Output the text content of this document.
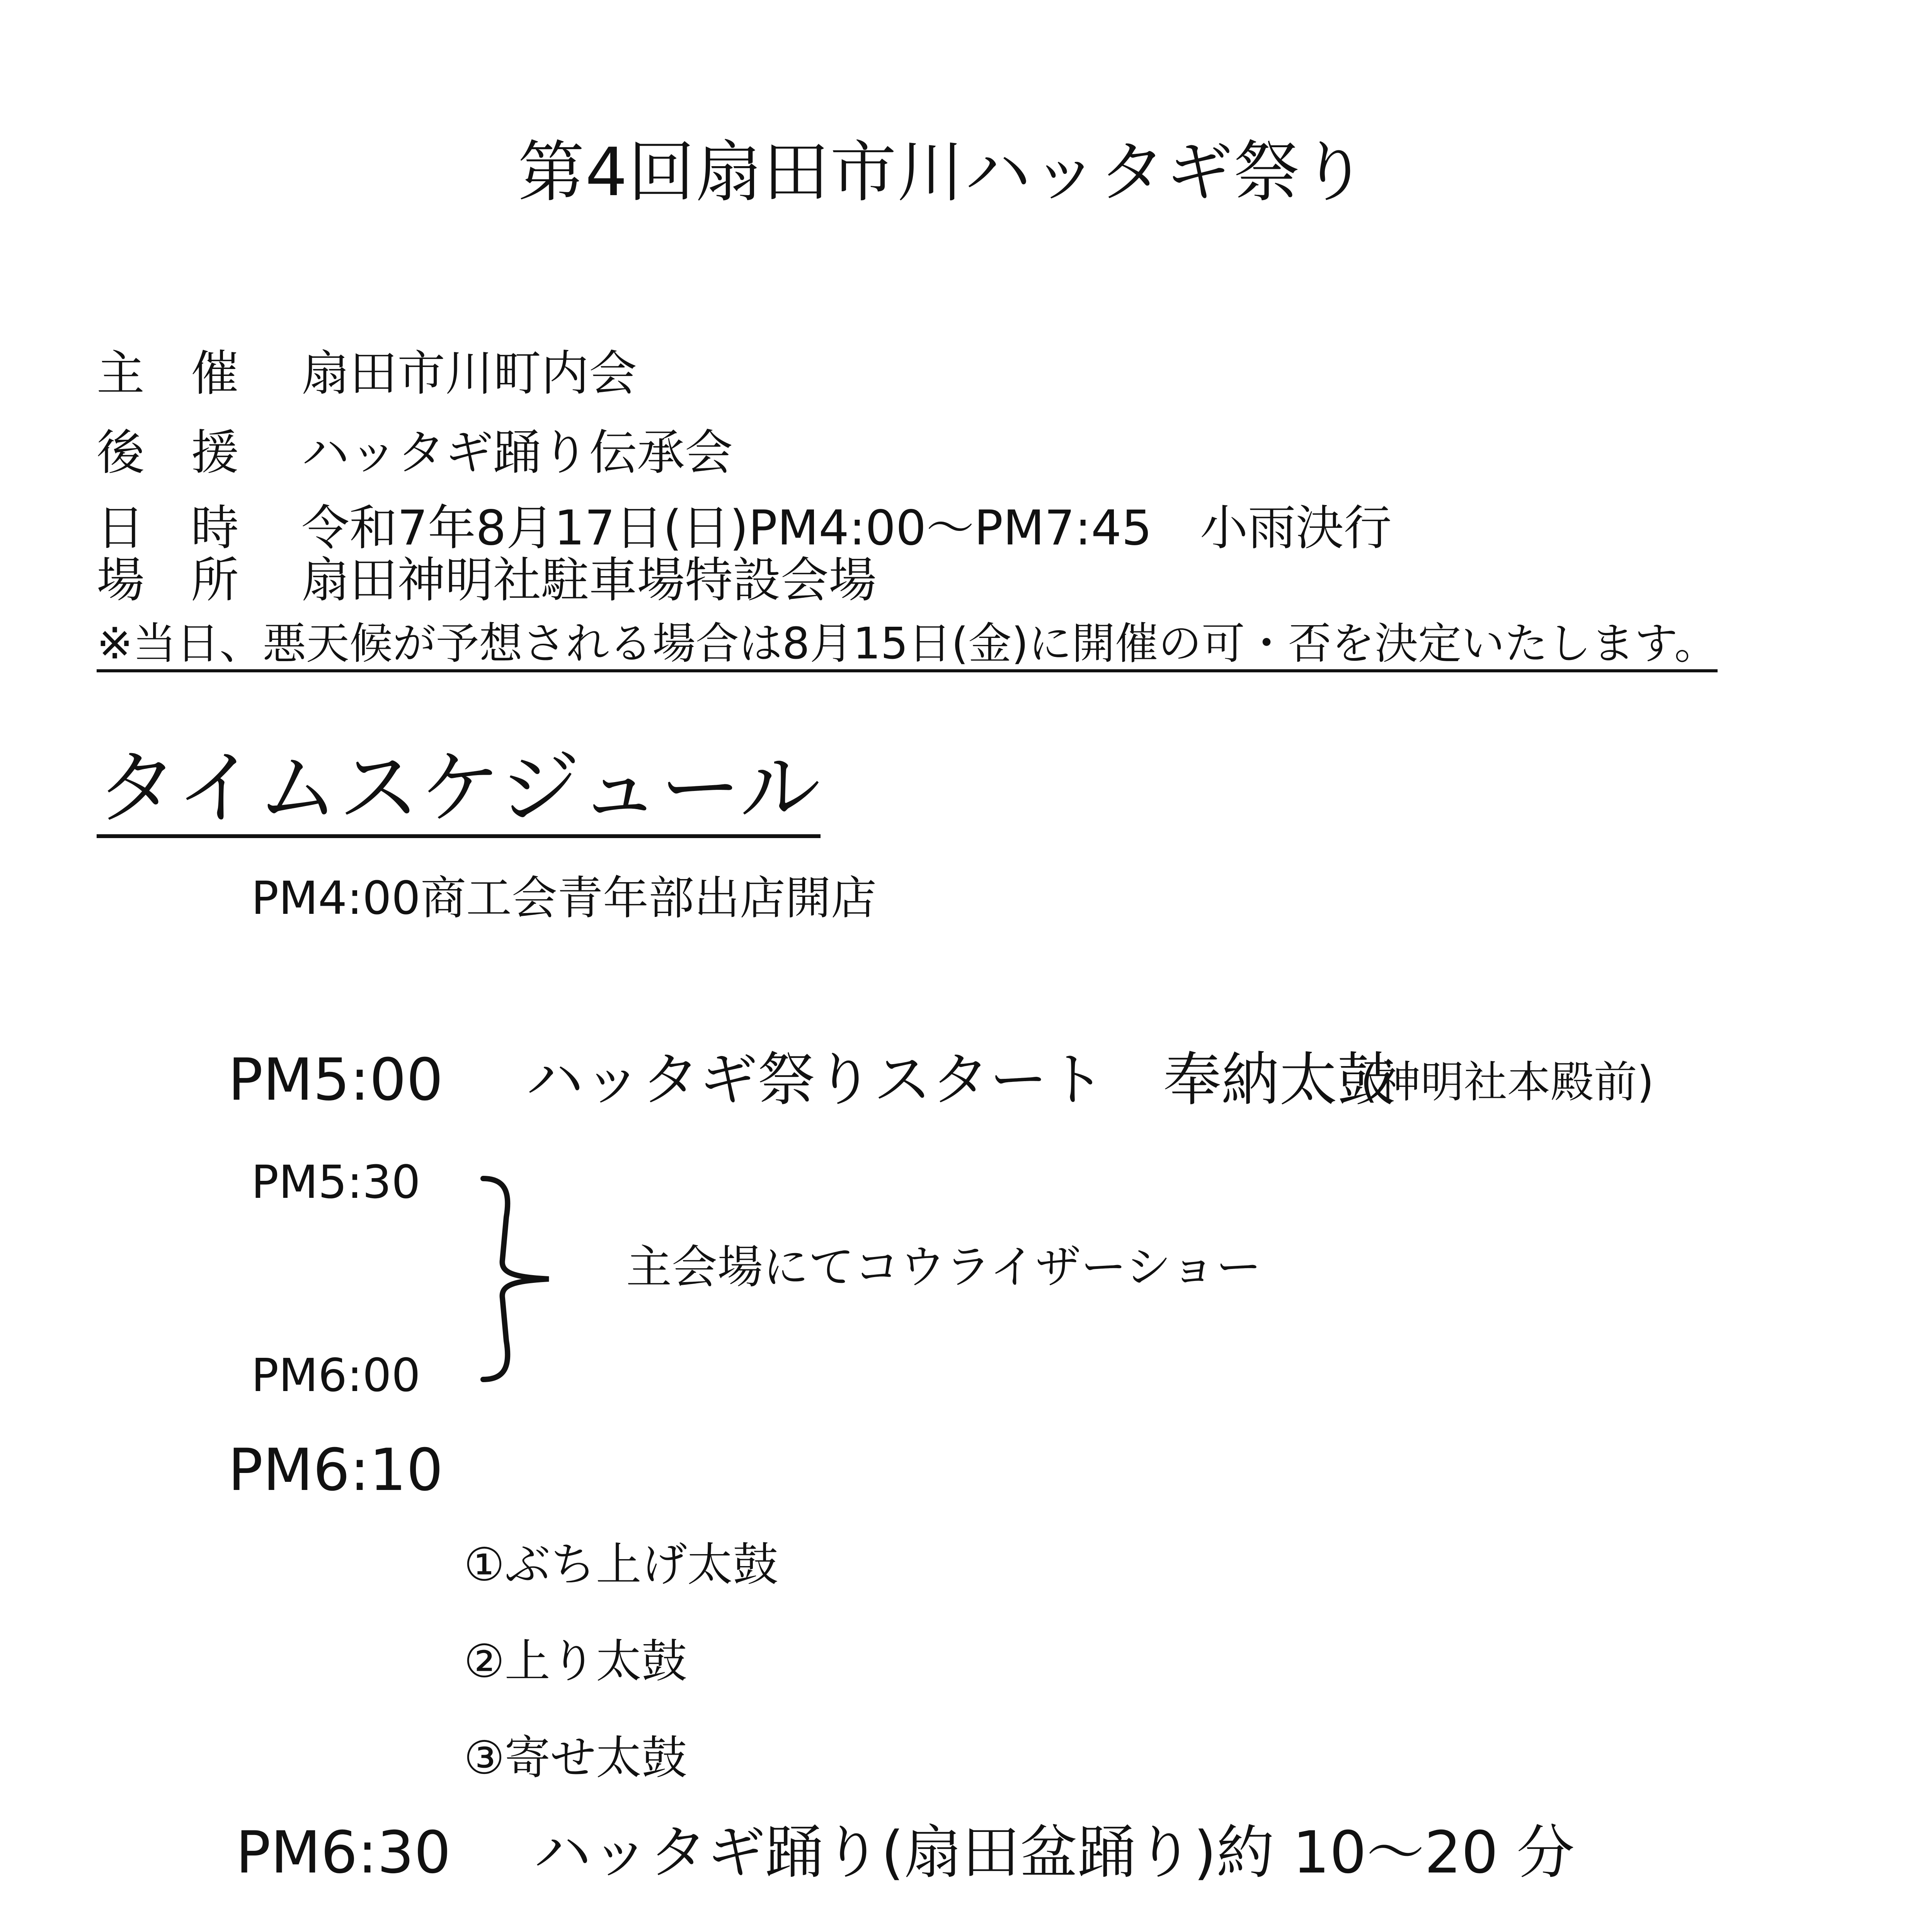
第4回扇田市川ハッタギ祭り
主催 扇田市川町内会
後援 ハッタギ踊り伝承会
日時 令和7年8月17日(日)PM4:00～PM7:45　小雨決行
場所 扇田神明社駐車場特設会場
※当日、悪天候が予想される場合は8月15日(金)に開催の可・否を決定いたします。
タイムスケジュール
PM4:00商工会青年部出店開店
PM5:00 ハッタギ祭りスタート　奉納太鼓
(神明社本殿前)
PM5:30
主会場にてコウライザーショー
PM6:00
PM6:10
①ぶち上げ太鼓
②上り太鼓
③寄せ太鼓
PM6:30 ハッタギ踊り(扇田盆踊り)約 10～20 分
